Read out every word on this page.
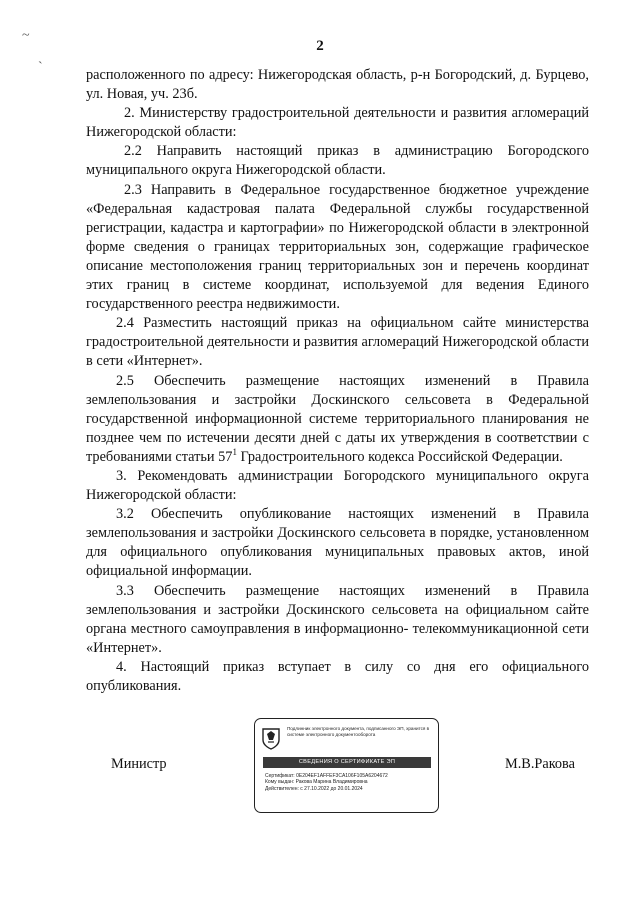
2
~
`	расположенного по адресу: Нижегородская область, р-н Богородский, д. Бурцево, ул. Новая, уч. 23б.

2. Министерству градостроительной деятельности и развития агломераций Нижегородской области:

2.2 Направить настоящий приказ в администрацию Богородского муниципального округа Нижегородской области.

2.3 Направить в Федеральное государственное бюджетное учреждение «Федеральная кадастровая палата Федеральной службы государственной регистрации, кадастра и картографии» по Нижегородской области в электронной форме сведения о границах территориальных зон, содержащие графическое описание местоположения границ территориальных зон и перечень координат этих границ в системе координат, используемой для ведения Единого государственного реестра недвижимости.

2.4 Разместить настоящий приказ на официальном сайте министерства градостроительной деятельности и развития агломераций Нижегородской области в сети «Интернет».

2.5 Обеспечить размещение настоящих изменений в Правила землепользования и застройки Доскинского сельсовета в Федеральной государственной информационной системе территориального планирования не позднее чем по истечении десяти дней с даты их утверждения в соответствии с требованиями статьи $57^1$ Градостроительного кодекса Российской Федерации.

3. Рекомендовать администрации Богородского муниципального округа Нижегородской области:

3.2 Обеспечить опубликование настоящих изменений в Правила землепользования и застройки Доскинского сельсовета в порядке, установленном для официального опубликования муниципальных правовых актов, иной официальной информации.

3.3 Обеспечить размещение настоящих изменений в Правила землепользования и застройки Доскинского сельсовета на официальном сайте органа местного самоуправления в информационно- телекоммуникационной сети «Интернет».

4. Настоящий приказ вступает в силу со дня его официального опубликования.

Министр
Подлинник электронного документа, подписанного ЭП, хранится в системе электронного документооборота
СВЕДЕНИЯ О СЕРТИФИКАТЕ ЭП
Сертификат: 0E204EF1AFFEF3CA106F105A6204672
Кому выдан: Ракова Марина Владимировна
Действителен: с 27.10.2022 до 20.01.2024
М.В.Ракова
